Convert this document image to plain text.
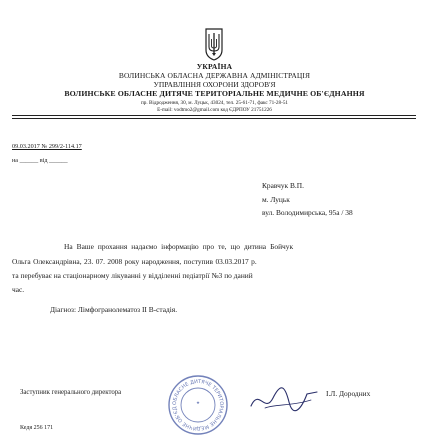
УКРАЇНА
ВОЛИНСЬКА ОБЛАСНА ДЕРЖАВНА АДМІНІСТРАЦІЯ
УПРАВЛІННЯ ОХОРОНИ ЗДОРОВ'Я
ВОЛИНСЬКЕ ОБЛАСНЕ ДИТЯЧЕ ТЕРИТОРІАЛЬНЕ МЕДИЧНЕ ОБ'ЄДНАННЯ
пр. Відродження, 30, м. Луцьк, 43024, тел. 25-61-71, факс 71-28-51
E-mail: vodtmo2@gmail.com код ЄДРПОУ 21751226
09.03.2017 № 299/2-114.17
на ______ від ______
Кравчук В.П.
м. Луцьк
вул. Володимирська, 95а / 38
На Ваше прохання надаємо інформацію про те, що дитина Бойчук
Ольга Олександрівна, 23. 07. 2008 року народження, поступив 03.03.2017 р.
та перебуває на стаціонарному лікуванні у відділенні педіатрії №3 по даний
час.
Діагноз: Лімфогранолематоз II В-стадія.
Заступник генерального директора
ОБЛАСНЕ ДИТЯЧЕ ТЕРИТОРІАЛЬНЕ МЕДИЧНЕ ОБ'ЄД
★
І.Л. Дородних
Кедя 256 171
